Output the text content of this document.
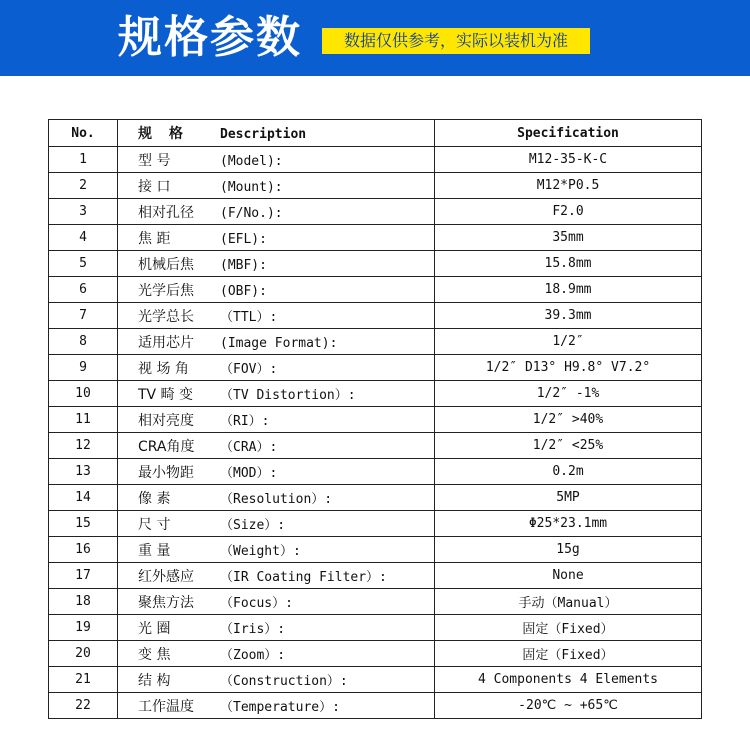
规格参数	数据仅供参考，实际以装机为准
No.	规 格 Description	Specification
1	型 号 (Model):	M12-35-K-C
2	接 口 (Mount):	M12*P0.5
3	相对孔径 (F/No.):	F2.0
4	焦 距 (EFL):	35mm
5	机械后焦 (MBF):	15.8mm
6	光学后焦 (OBF):	18.9mm
7	光学总长 （TTL）:	39.3mm
8	适用芯片 (Image Format):	1/2″
9	视 场 角 （FOV）:	1/2″ D13° H9.8° V7.2°
10	TV 畸 变 （TV Distortion）:	1/2″ -1%
11	相对亮度 （RI）:	1/2″ >40%
12	CRA角度 （CRA）:	1/2″ <25%
13	最小物距 （MOD）:	0.2m
14	像 素 （Resolution）:	5MP
15	尺 寸 （Size）:	Φ25*23.1mm
16	重 量 （Weight）:	15g
17	红外感应 （IR Coating Filter）:	None
18	聚焦方法 （Focus）:	手动（Manual）
19	光 圈 （Iris）:	固定（Fixed）
20	变 焦 （Zoom）:	固定（Fixed）
21	结 构 （Construction）:	4 Components 4 Elements
22	工作温度 （Temperature）:	-20℃ ~ +65℃
